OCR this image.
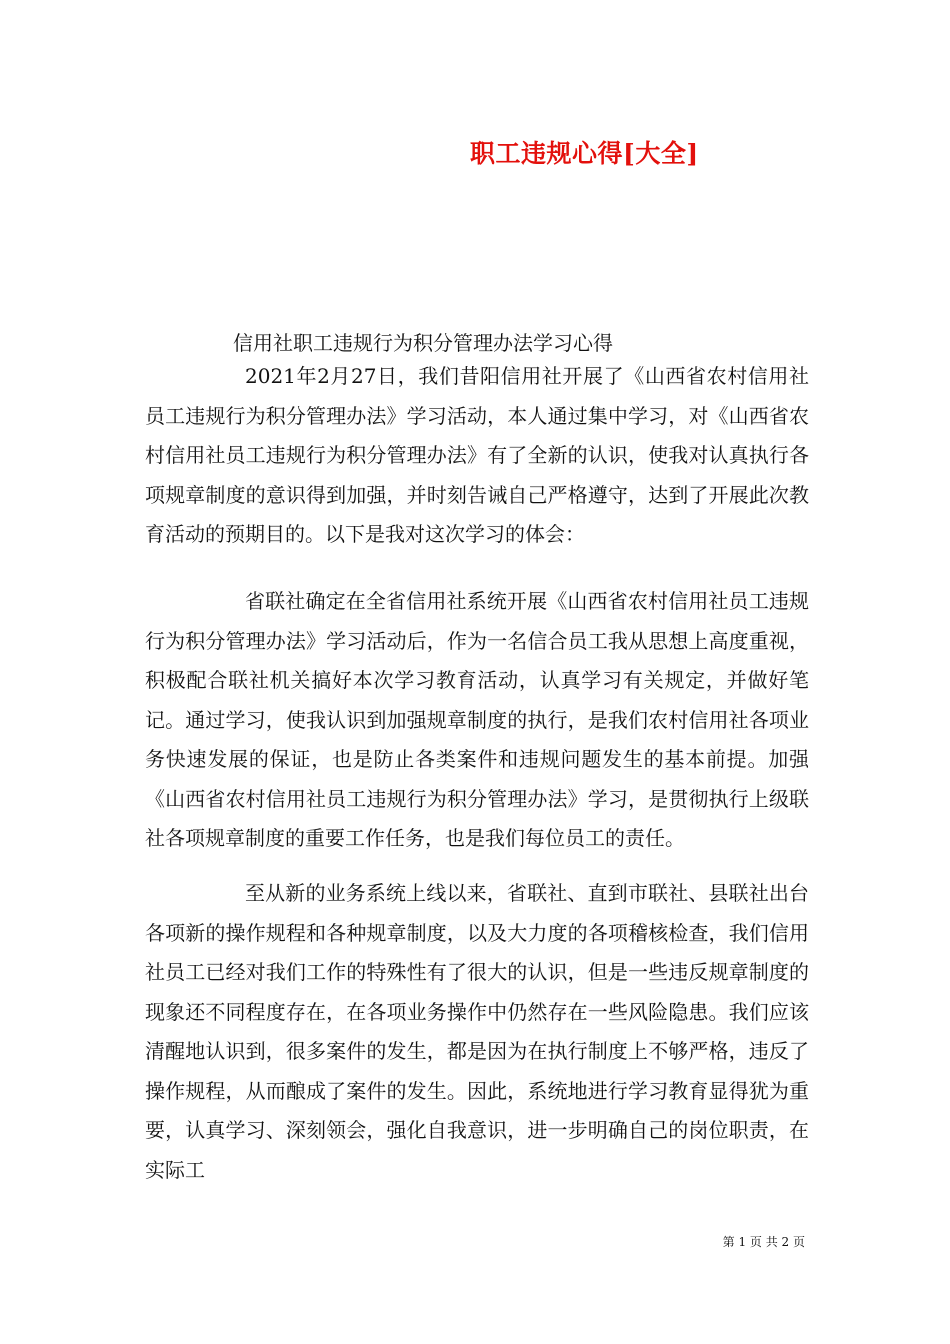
职工违规心得[大全]

信用社职工违规行为积分管理办法学习心得

2021年2月27日，我们昔阳信用社开展了《山西省农村信用社员工违规行为积分管理办法》学习活动，本人通过集中学习，对《山西省农村信用社员工违规行为积分管理办法》有了全新的认识，使我对认真执行各项规章制度的意识得到加强，并时刻告诫自己严格遵守，达到了开展此次教育活动的预期目的。以下是我对这次学习的体会：

省联社确定在全省信用社系统开展《山西省农村信用社员工违规行为积分管理办法》学习活动后，作为一名信合员工我从思想上高度重视，积极配合联社机关搞好本次学习教育活动，认真学习有关规定，并做好笔记。通过学习，使我认识到加强规章制度的执行，是我们农村信用社各项业务快速发展的保证，也是防止各类案件和违规问题发生的基本前提。加强《山西省农村信用社员工违规行为积分管理办法》学习，是贯彻执行上级联社各项规章制度的重要工作任务，也是我们每位员工的责任。

至从新的业务系统上线以来，省联社、直到市联社、县联社出台各项新的操作规程和各种规章制度，以及大力度的各项稽核检查，我们信用社员工已经对我们工作的特殊性有了很大的认识，但是一些违反规章制度的现象还不同程度存在，在各项业务操作中仍然存在一些风险隐患。我们应该清醒地认识到，很多案件的发生，都是因为在执行制度上不够严格，违反了操作规程，从而酿成了案件的发生。因此，系统地进行学习教育显得犹为重要，认真学习、深刻领会，强化自我意识，进一步明确自己的岗位职责，在实际工

第 1 页 共 2 页
